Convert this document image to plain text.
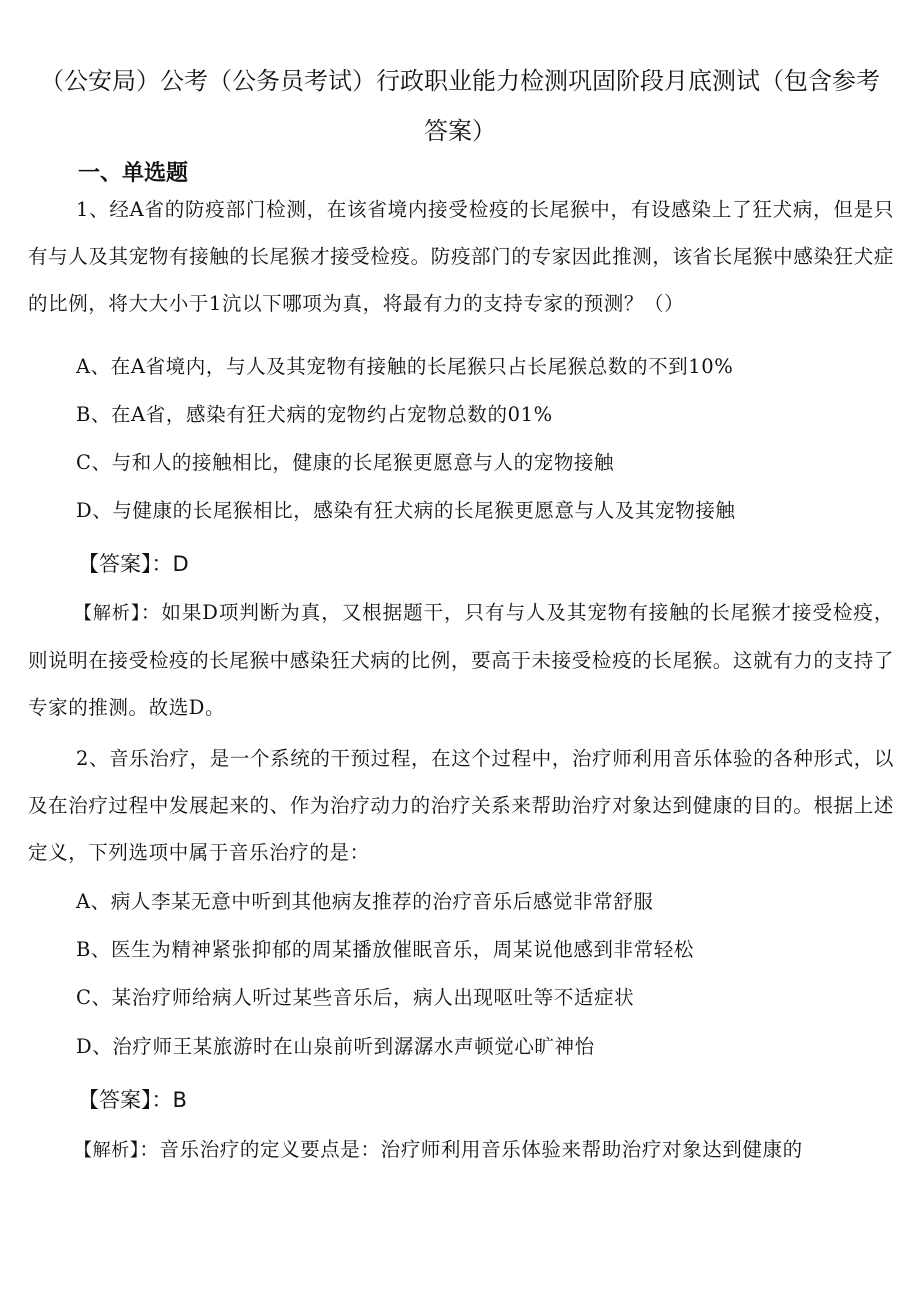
（公安局）公考（公务员考试）行政职业能力检测巩固阶段月底测试（包含参考答案）
一、单选题
1、经A省的防疫部门检测，在该省境内接受检疫的长尾猴中，有设感染上了狂犬病，但是只有与人及其宠物有接触的长尾猴才接受检疫。防疫部门的专家因此推测，该省长尾猴中感染狂犬症的比例，将大大小于1沆以下哪项为真，将最有力的支持专家的预测？（）
A、在A省境内，与人及其宠物有接触的长尾猴只占长尾猴总数的不到10%
B、在A省，感染有狂犬病的宠物约占宠物总数的01%
C、与和人的接触相比，健康的长尾猴更愿意与人的宠物接触
D、与健康的长尾猴相比，感染有狂犬病的长尾猴更愿意与人及其宠物接触
【答案】：D
【解析】：如果D项判断为真，又根据题干，只有与人及其宠物有接触的长尾猴才接受检疫，则说明在接受检疫的长尾猴中感染狂犬病的比例，要高于未接受检疫的长尾猴。这就有力的支持了专家的推测。故选D。
2、音乐治疗，是一个系统的干预过程，在这个过程中，治疗师利用音乐体验的各种形式，以及在治疗过程中发展起来的、作为治疗动力的治疗关系来帮助治疗对象达到健康的目的。根据上述定义，下列选项中属于音乐治疗的是：
A、病人李某无意中听到其他病友推荐的治疗音乐后感觉非常舒服
B、医生为精神紧张抑郁的周某播放催眠音乐，周某说他感到非常轻松
C、某治疗师给病人听过某些音乐后，病人出现呕吐等不适症状
D、治疗师王某旅游时在山泉前听到潺潺水声顿觉心旷神怡
【答案】：B
【解析】：音乐治疗的定义要点是：治疗师利用音乐体验来帮助治疗对象达到健康的
